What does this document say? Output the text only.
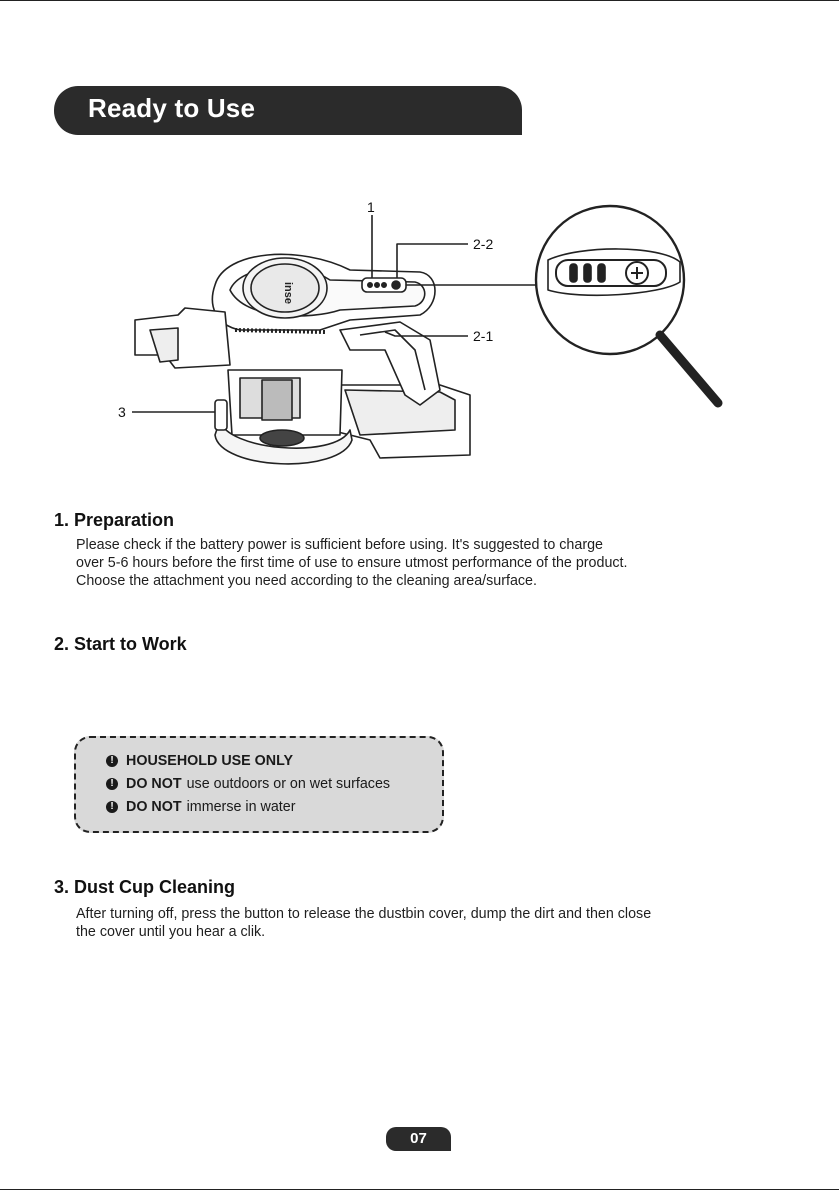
Ready to Use
inse
1
2-2
2-1
3
1. Preparation

Please check if the battery power is sufficient before using. It's suggested to charge

over 5-6 hours before the first time of use to ensure utmost performance of the product.

Choose the attachment you need according to the cleaning area/surface.

2. Start to Work
! HOUSEHOLD USE ONLY
! DO NOT use outdoors or on wet surfaces
! DO NOT immerse in water
3. Dust Cup Cleaning

After turning off, press the button to release the dustbin cover, dump the dirt and then close

the cover until you hear a clik.

07
